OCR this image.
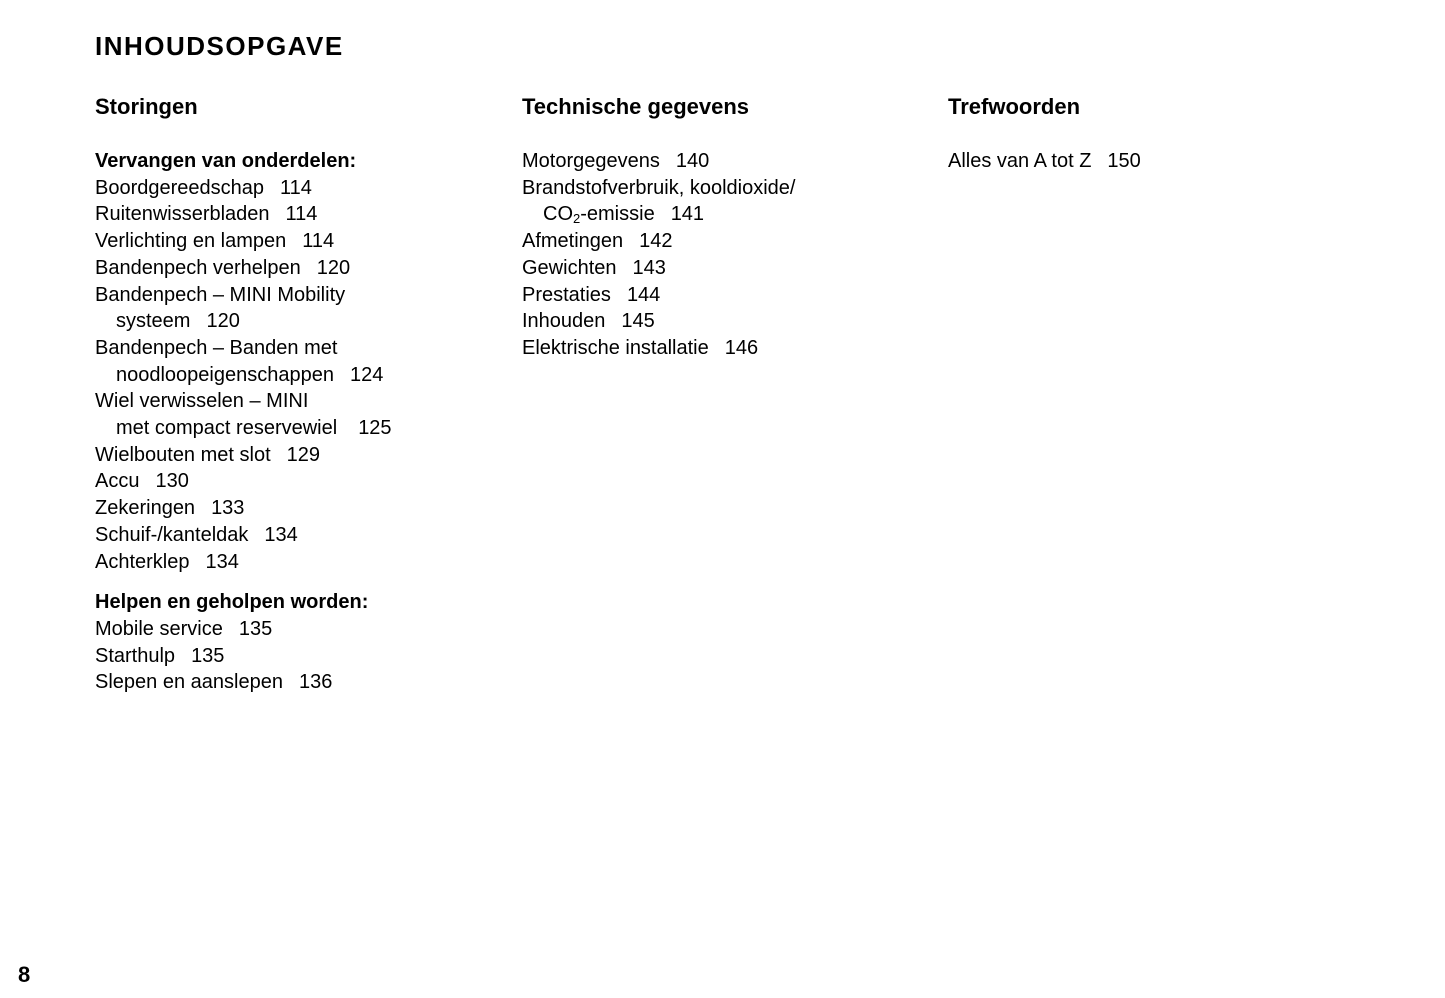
INHOUDSOPGAVE
Storingen
Vervangen van onderdelen:
Boordgereedschap 114
Ruitenwisserbladen 114
Verlichting en lampen 114
Bandenpech verhelpen 120
Bandenpech – MINI Mobility
systeem 120
Bandenpech – Banden met
noodloopeigenschappen 124
Wiel verwisselen – MINI
met compact reservewiel 125
Wielbouten met slot 129
Accu 130
Zekeringen 133
Schuif-/kanteldak 134
Achterklep 134
Helpen en geholpen worden:
Mobile service 135
Starthulp 135
Slepen en aanslepen 136
Technische gegevens
Motorgegevens 140
Brandstofverbruik, kooldioxide/
$CO_2$-emissie 141
Afmetingen 142
Gewichten 143
Prestaties 144
Inhouden 145
Elektrische installatie 146
Trefwoorden
Alles van A tot Z 150
8
